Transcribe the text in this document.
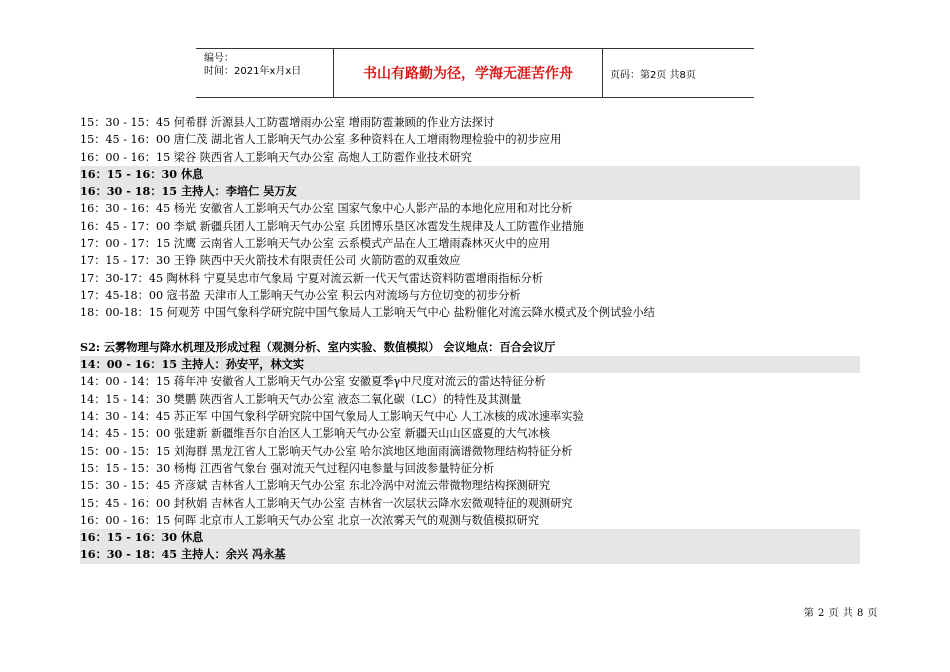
编号：
时间：2021年x月x日	书山有路勤为径，学海无涯苦作舟	页码：第2页 共8页
15：30 - 15：45 何希群 沂源县人工防雹增雨办公室 增雨防雹兼顾的作业方法探讨
15：45 - 16：00 唐仁茂 湖北省人工影响天气办公室 多种资料在人工增雨物理检验中的初步应用
16：00 - 16：15 梁谷 陕西省人工影响天气办公室 高炮人工防雹作业技术研究
16：15 - 16：30 休息
16：30 - 18：15 主持人：李培仁 吴万友
16：30 - 16：45 杨光 安徽省人工影响天气办公室 国家气象中心人影产品的本地化应用和对比分析
16：45 - 17：00 李斌 新疆兵团人工影响天气办公室 兵团博乐垦区冰雹发生规律及人工防雹作业措施
17：00 - 17：15 沈鹰 云南省人工影响天气办公室 云系模式产品在人工增雨森林灭火中的应用
17：15 - 17：30 王铮 陕西中天火箭技术有限责任公司 火箭防雹的双重效应
17：30-17：45 陶林科 宁夏吴忠市气象局 宁夏对流云新一代天气雷达资料防雹增雨指标分析
17：45-18：00 寇书盈 天津市人工影响天气办公室 积云内对流场与方位切变的初步分析
18：00-18：15 何观芳 中国气象科学研究院中国气象局人工影响天气中心 盐粉催化对流云降水模式及个例试验小结
S2: 云雾物理与降水机理及形成过程（观测分析、室内实验、数值模拟） 会议地点：百合会议厅
14：00 - 16：15 主持人：孙安平，林文实
14：00 - 14：15 蒋年冲 安徽省人工影响天气办公室 安徽夏季γ中尺度对流云的雷达特征分析
14：15 - 14：30 樊鹏 陕西省人工影响天气办公室 液态二氧化碳（LC）的特性及其测量
14：30 - 14：45 苏正军 中国气象科学研究院中国气象局人工影响天气中心 人工冰核的成冰速率实验
14：45 - 15：00 张建新 新疆维吾尔自治区人工影响天气办公室 新疆天山山区盛夏的大气冰核
15：00 - 15：15 刘海群 黑龙江省人工影响天气办公室 哈尔滨地区地面雨滴谱微物理结构特征分析
15：15 - 15：30 杨梅 江西省气象台 强对流天气过程闪电参量与回波参量特征分析
15：30 - 15：45 齐彦斌 吉林省人工影响天气办公室 东北冷涡中对流云带微物理结构探测研究
15：45 - 16：00 封秋娟 吉林省人工影响天气办公室 吉林省一次层状云降水宏微观特征的观测研究
16：00 - 16：15 何晖 北京市人工影响天气办公室 北京一次浓雾天气的观测与数值模拟研究
16：15 - 16：30 休息
16：30 - 18：45 主持人：余兴 冯永基
第 2 页 共 8 页
